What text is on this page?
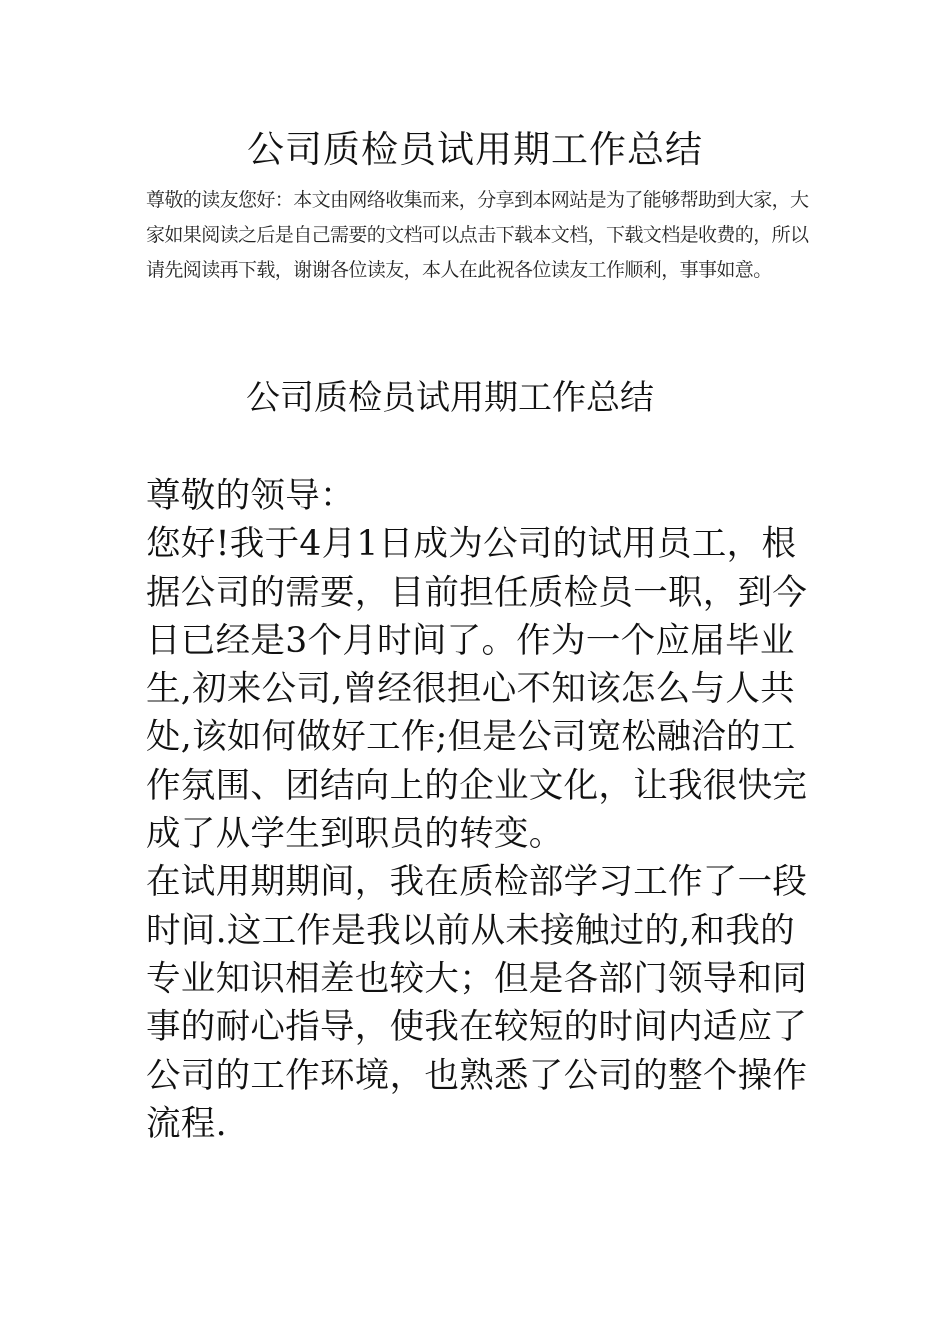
公司质检员试用期工作总结

尊敬的读友您好：本文由网络收集而来，分享到本网站是为了能够帮助到大家，大家如果阅读之后是自己需要的文档可以点击下载本文档，下载文档是收费的，所以请先阅读再下载，谢谢各位读友，本人在此祝各位读友工作顺利，事事如意。

公司质检员试用期工作总结

尊敬的领导：

您好!我于4月1日成为公司的试用员工，根据公司的需要，目前担任质检员一职，到今日已经是3个月时间了。作为一个应届毕业生,初来公司,曾经很担心不知该怎么与人共处,该如何做好工作;但是公司宽松融洽的工作氛围、团结向上的企业文化，让我很快完成了从学生到职员的转变。

在试用期期间，我在质检部学习工作了一段时间.这工作是我以前从未接触过的,和我的专业知识相差也较大；但是各部门领导和同事的耐心指导，使我在较短的时间内适应了公司的工作环境，也熟悉了公司的整个操作流程.
